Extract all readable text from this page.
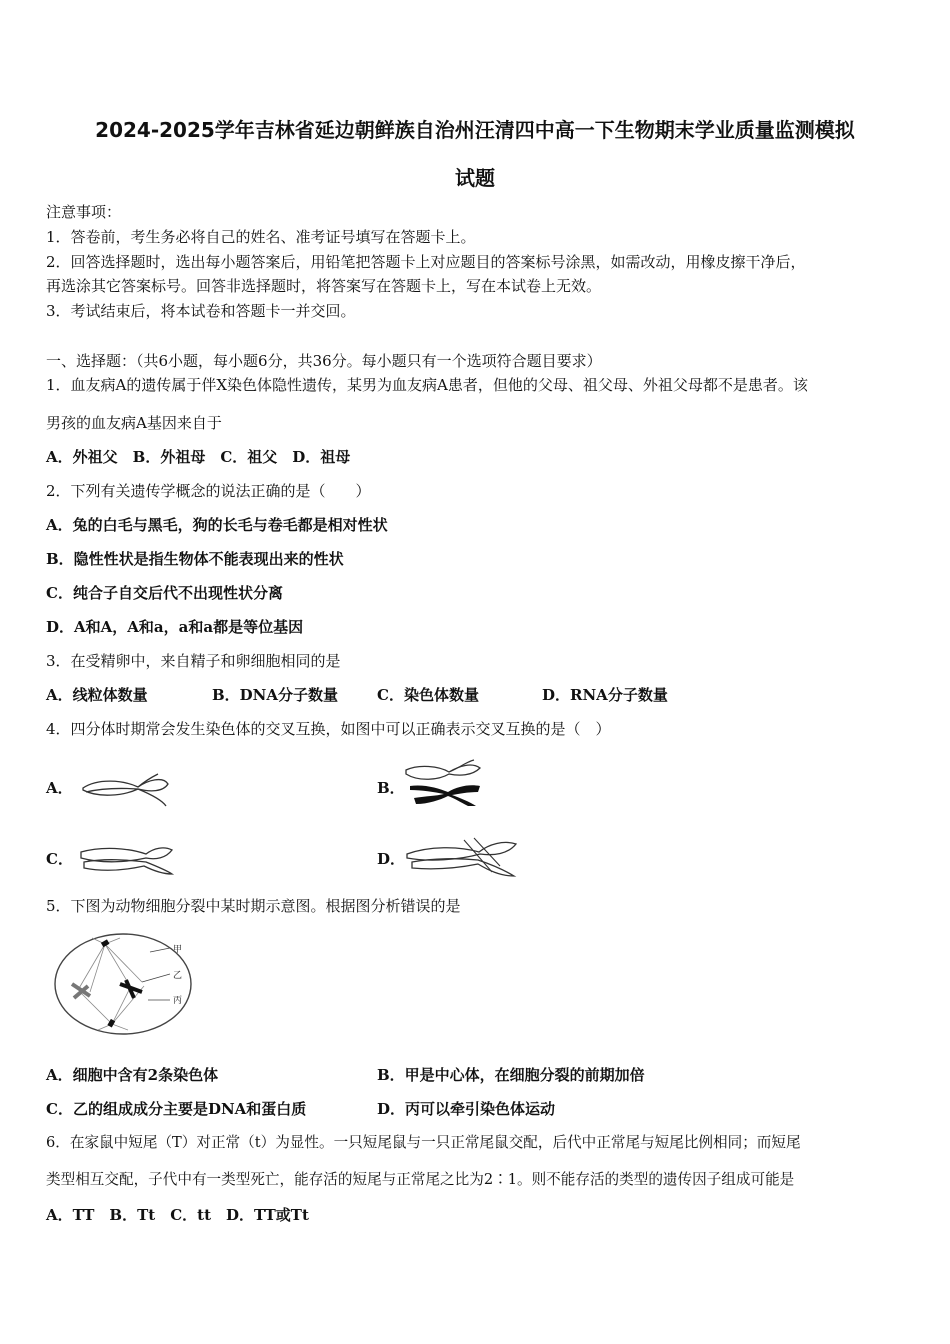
2024-2025学年吉林省延边朝鲜族自治州汪清四中高一下生物期末学业质量监测模拟
试题
注意事项：
1．答卷前，考生务必将自己的姓名、准考证号填写在答题卡上。
2．回答选择题时，选出每小题答案后，用铅笔把答题卡上对应题目的答案标号涂黑，如需改动，用橡皮擦干净后，
再选涂其它答案标号。回答非选择题时，将答案写在答题卡上，写在本试卷上无效。
3．考试结束后，将本试卷和答题卡一并交回。
一、选择题：（共6小题，每小题6分，共36分。每小题只有一个选项符合题目要求）
1．血友病A的遗传属于伴X染色体隐性遗传，某男为血友病A患者，但他的父母、祖父母、外祖父母都不是患者。该
男孩的血友病A基因来自于
A．外祖父　B．外祖母　C．祖父　D．祖母
2．下列有关遗传学概念的说法正确的是（　　）
A．兔的白毛与黑毛，狗的长毛与卷毛都是相对性状
B．隐性性状是指生物体不能表现出来的性状
C．纯合子自交后代不出现性状分离
D．A和A，A和a，a和a都是等位基因
3．在受精卵中，来自精子和卵细胞相同的是
A．线粒体数量	B．DNA分子数量	C．染色体数量	D．RNA分子数量
4．四分体时期常会发生染色体的交叉互换，如图中可以正确表示交叉互换的是（　）
A．	B．
C．	D．
5．下图为动物细胞分裂中某时期示意图。根据图分析错误的是
甲
乙
丙
A．细胞中含有2条染色体	B．甲是中心体，在细胞分裂的前期加倍
C．乙的组成成分主要是DNA和蛋白质	D．丙可以牵引染色体运动
6．在家鼠中短尾（T）对正常（t）为显性。一只短尾鼠与一只正常尾鼠交配，后代中正常尾与短尾比例相同；而短尾
类型相互交配，子代中有一类型死亡，能存活的短尾与正常尾之比为2∶1。则不能存活的类型的遗传因子组成可能是
A．TT　B．Tt　C．tt　D．TT或Tt
